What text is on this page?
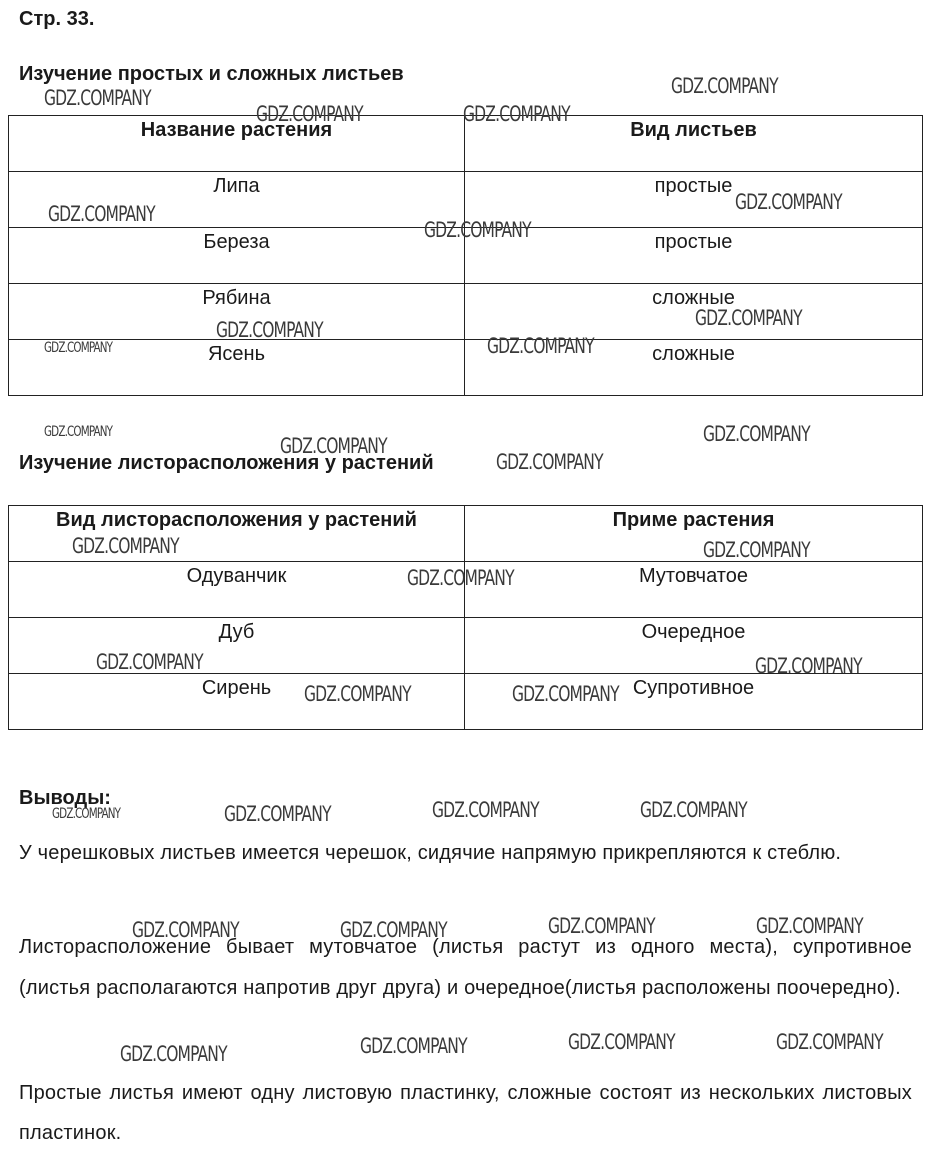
Стр. 33.
Изучение простых и сложных листьев
Название растения	Вид листьев
Липа	простые
Береза	простые
Рябина	сложные
Ясень	сложные
Изучение листорасположения у растений
Вид листорасположения у растений	Приме растения
Одуванчик	Мутовчатое
Дуб	Очередное
Сирень	Супротивное
Выводы:
У черешковых листьев имеется черешок, сидячие напрямую прикрепляются к стеблю.
Листорасположение бывает мутовчатое (листья растут из одного места), супротивное (листья располагаются напротив друг друга) и очередное(листья расположены поочередно).
Простые листья имеют одну листовую пластинку, сложные состоят из нескольких листовых пластинок.
GDZ.COMPANY
GDZ.COMPANY	GDZ.COMPANY
GDZ.COMPANY
GDZ.COMPANY
GDZ.COMPANY
GDZ.COMPANY
GDZ.COMPANY
GDZ.COMPANY	GDZ.COMPANY
GDZ.COMPANY
GDZ.COMPANY
GDZ.COMPANY
GDZ.COMPANY
GDZ.COMPANY
GDZ.COMPANY
GDZ.COMPANY
GDZ.COMPANY
GDZ.COMPANY	GDZ.COMPANY
GDZ.COMPANY	GDZ.COMPANY
GDZ.COMPANY	GDZ.COMPANY	GDZ.COMPANY	GDZ.COMPANY
GDZ.COMPANY	GDZ.COMPANY	GDZ.COMPANY	GDZ.COMPANY
GDZ.COMPANY	GDZ.COMPANY	GDZ.COMPANY	GDZ.COMPANY
